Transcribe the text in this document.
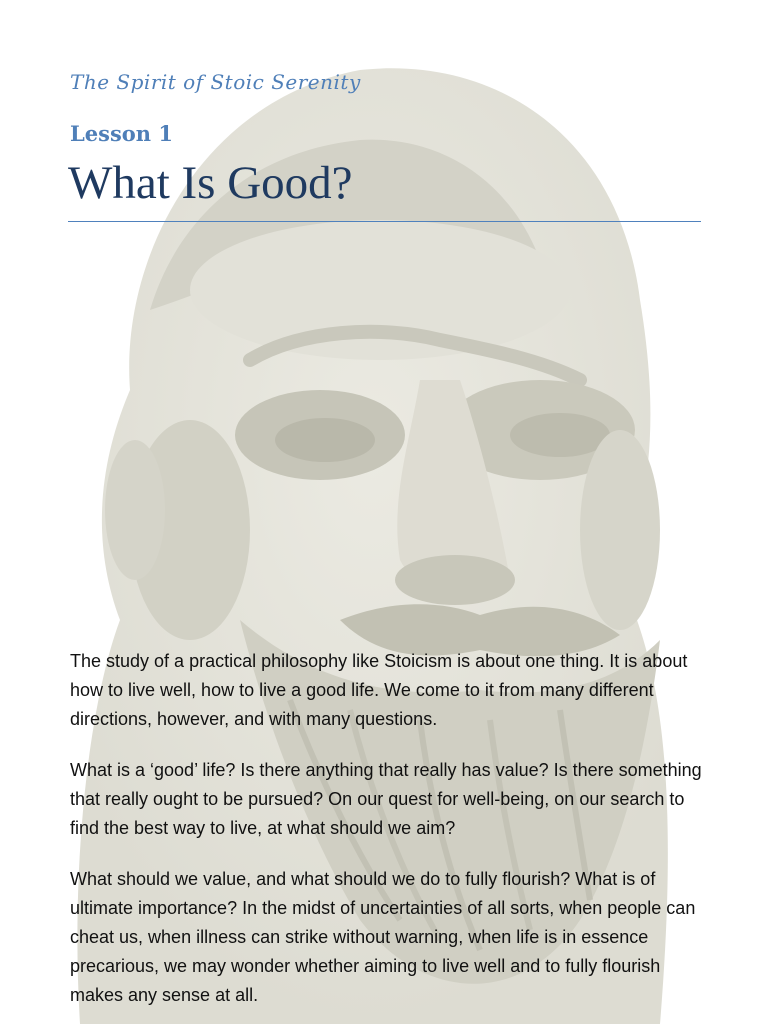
The Spirit of Stoic Serenity

Lesson 1

What Is Good?

The study of a practical philosophy like Stoicism is about one thing. It is about how to live well, how to live a good life. We come to it from many different directions, however, and with many questions.

What is a ‘good’ life? Is there anything that really has value? Is there something that really ought to be pursued? On our quest for well-being, on our search to find the best way to live, at what should we aim?

What should we value, and what should we do to fully flourish? What is of ultimate importance? In the midst of uncertainties of all sorts, when people can cheat us, when illness can strike without warning, when life is in essence precarious, we may wonder whether aiming to live well and to fully flourish makes any sense at all.
